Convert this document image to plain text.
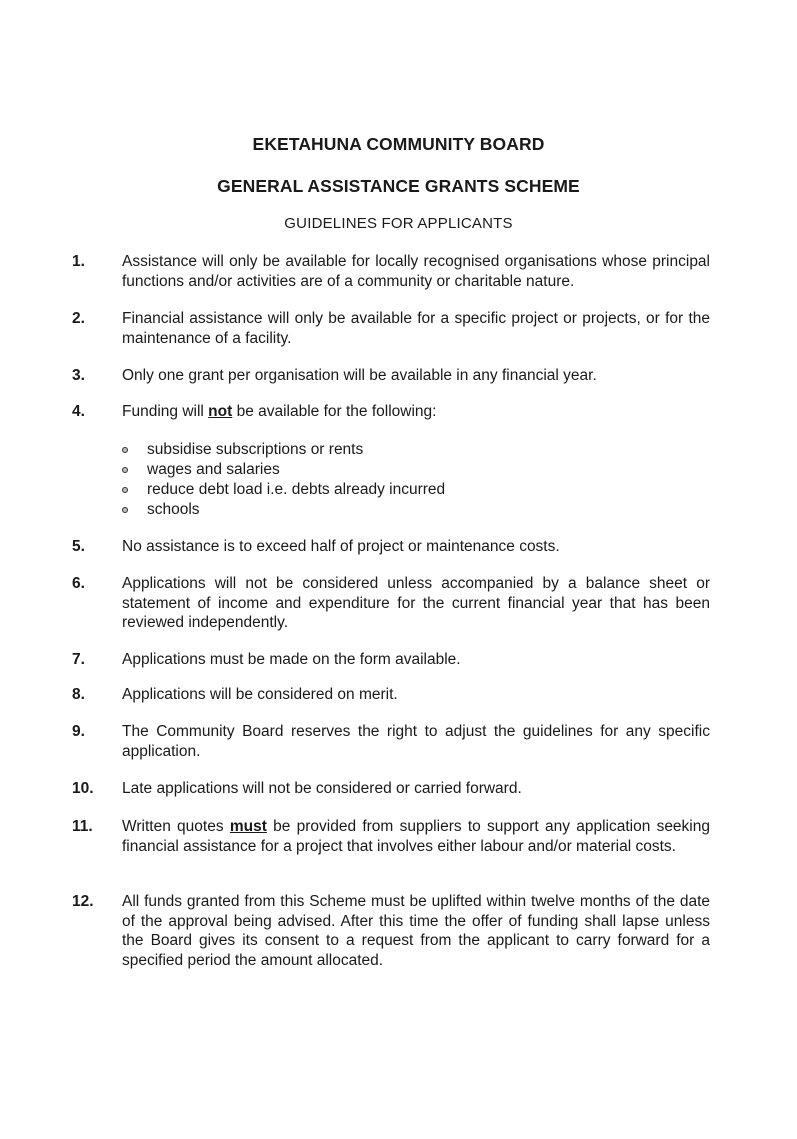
EKETAHUNA COMMUNITY BOARD
GENERAL ASSISTANCE GRANTS SCHEME
GUIDELINES FOR APPLICANTS
1. Assistance will only be available for locally recognised organisations whose principal functions and/or activities are of a community or charitable nature.
2. Financial assistance will only be available for a specific project or projects, or for the maintenance of a facility.
3. Only one grant per organisation will be available in any financial year.
4. Funding will not be available for the following:
subsidise subscriptions or rents
wages and salaries
reduce debt load i.e. debts already incurred
schools
5. No assistance is to exceed half of project or maintenance costs.
6. Applications will not be considered unless accompanied by a balance sheet or statement of income and expenditure for the current financial year that has been reviewed independently.
7. Applications must be made on the form available.
8. Applications will be considered on merit.
9. The Community Board reserves the right to adjust the guidelines for any specific application.
10. Late applications will not be considered or carried forward.
11. Written quotes must be provided from suppliers to support any application seeking financial assistance for a project that involves either labour and/or material costs.
12. All funds granted from this Scheme must be uplifted within twelve months of the date of the approval being advised. After this time the offer of funding shall lapse unless the Board gives its consent to a request from the applicant to carry forward for a specified period the amount allocated.
